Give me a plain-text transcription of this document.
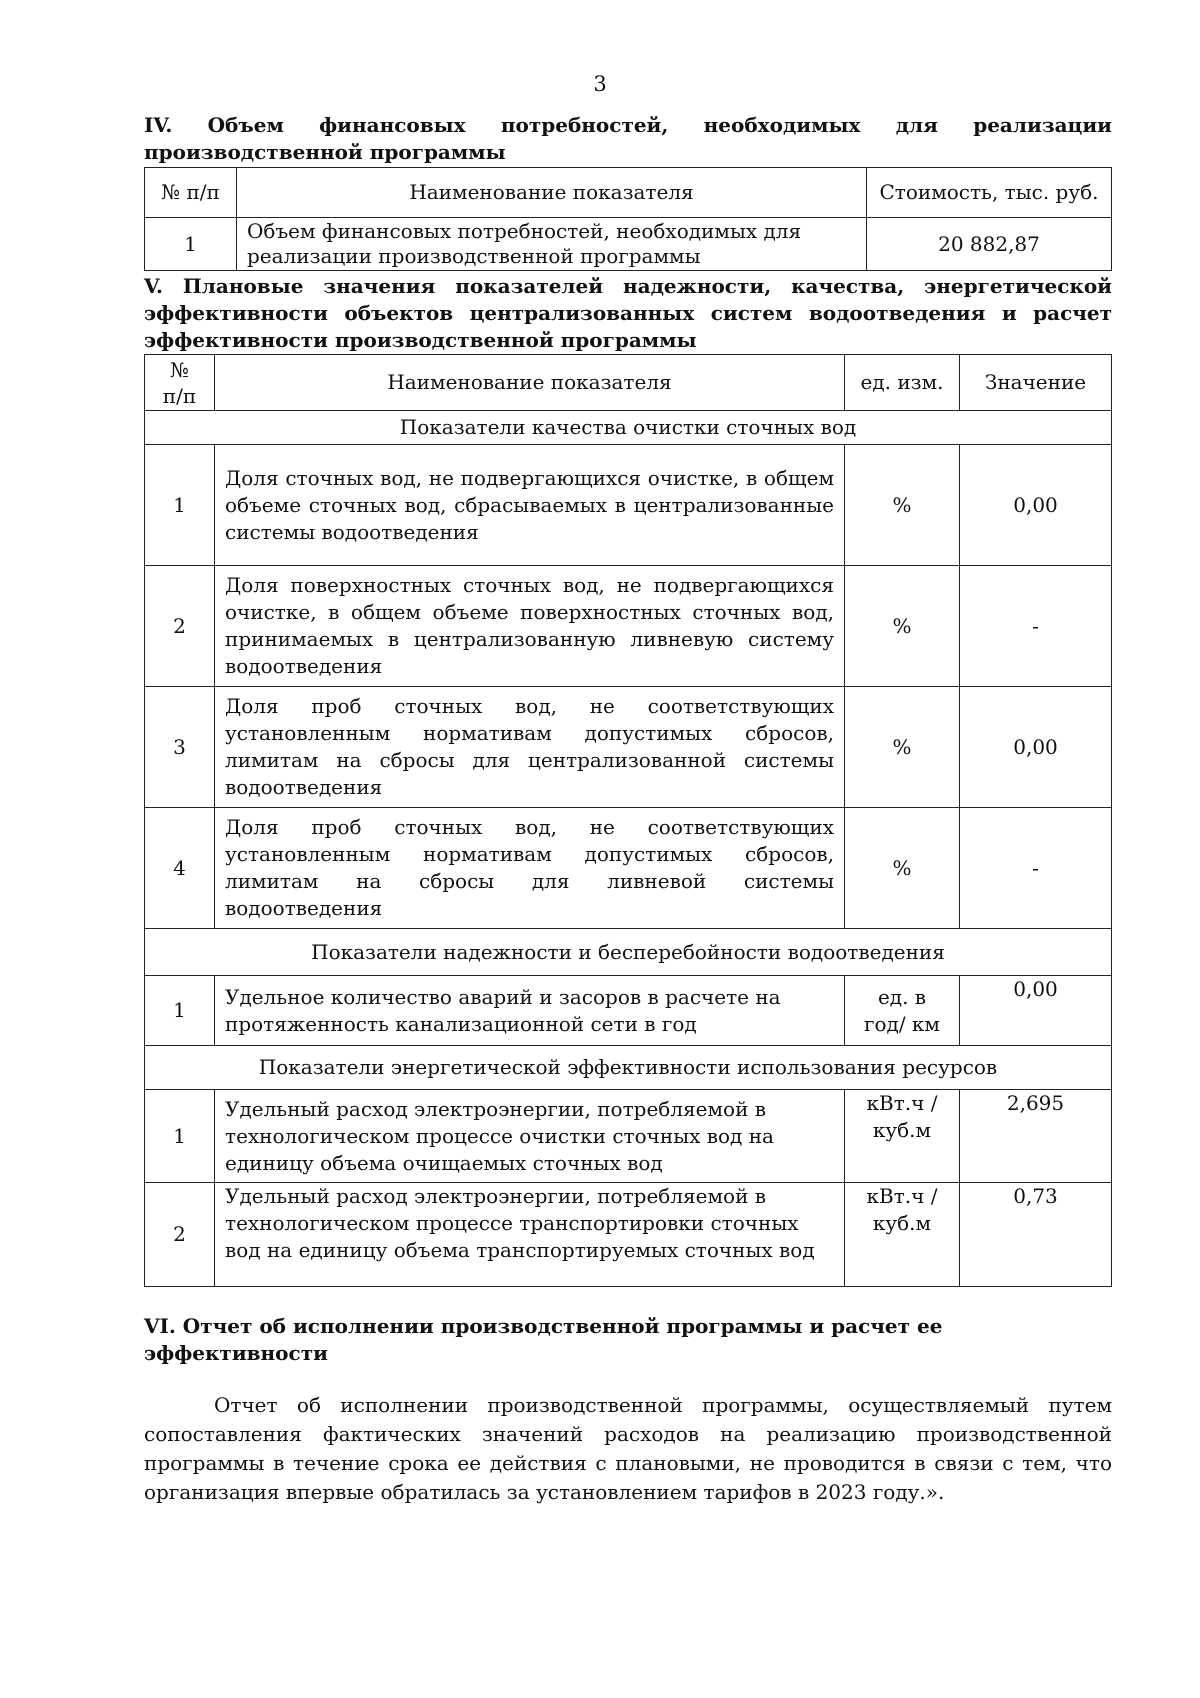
3

IV. Объем финансовых потребностей, необходимых для реализации производственной программы

№ п/п	Наименование показателя	Стоимость, тыс. руб.
1	Объем финансовых потребностей, необходимых для реализации производственной программы	20 882,87

V. Плановые значения показателей надежности, качества, энергетической эффективности объектов централизованных систем водоотведения и расчет эффективности производственной программы

№ п/п	Наименование показателя	ед. изм.	Значение
Показатели качества очистки сточных вод			
1	Доля сточных вод, не подвергающихся очистке, в общем объеме сточных вод, сбрасываемых в централизованные системы водоотведения	%	0,00
2	Доля поверхностных сточных вод, не подвергающихся очистке, в общем объеме поверхностных сточных вод, принимаемых в централизованную ливневую систему водоотведения	%	-
3	Доля проб сточных вод, не соответствующих установленным нормативам допустимых сбросов, лимитам на сбросы для централизованной системы водоотведения	%	0,00
4	Доля проб сточных вод, не соответствующих установленным нормативам допустимых сбросов, лимитам на сбросы для ливневой системы водоотведения	%	-
Показатели надежности и бесперебойности водоотведения			
1	Удельное количество аварий и засоров в расчете на протяженность канализационной сети в год	ед. в год/ км	0,00
Показатели энергетической эффективности использования ресурсов			
1	Удельный расход электроэнергии, потребляемой в технологическом процессе очистки сточных вод на единицу объема очищаемых сточных вод	кВт.ч / куб.м	2,695
2	Удельный расход электроэнергии, потребляемой в технологическом процессе транспортировки сточных вод на единицу объема транспортируемых сточных вод	кВт.ч / куб.м	0,73

VI. Отчет об исполнении производственной программы и расчет ее эффективности

Отчет об исполнении производственной программы, осуществляемый путем сопоставления фактических значений расходов на реализацию производственной программы в течение срока ее действия с плановыми, не проводится в связи с тем, что организация впервые обратилась за установлением тарифов в 2023 году.».
